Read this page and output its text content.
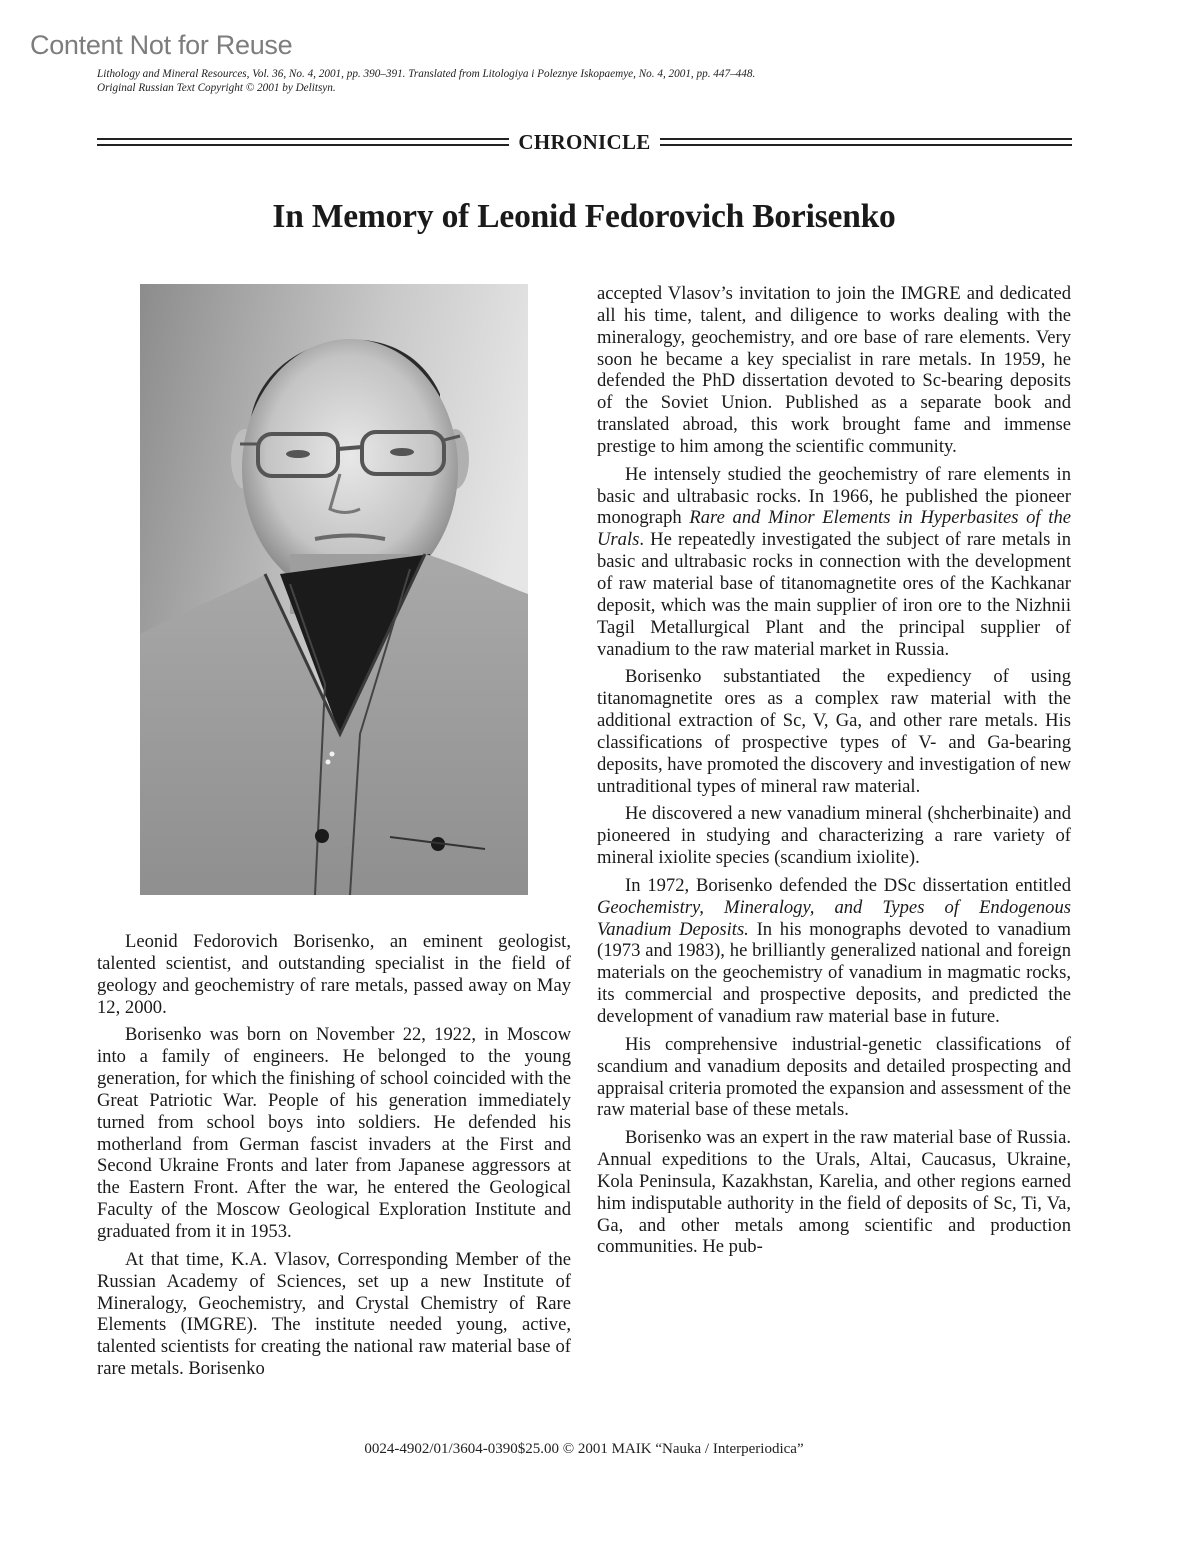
Content Not for Reuse
Lithology and Mineral Resources, Vol. 36, No. 4, 2001, pp. 390–391. Translated from Litologiya i Poleznye Iskopaemye, No. 4, 2001, pp. 447–448.
Original Russian Text Copyright © 2001 by Delitsyn.
CHRONICLE
In Memory of Leonid Fedorovich Borisenko

Leonid Fedorovich Borisenko, an eminent geologist, talented scientist, and outstanding specialist in the field of geology and geochemistry of rare metals, passed away on May 12, 2000.

Borisenko was born on November 22, 1922, in Moscow into a family of engineers. He belonged to the young generation, for which the finishing of school coincided with the Great Patriotic War. People of his generation immediately turned from school boys into soldiers. He defended his motherland from German fascist invaders at the First and Second Ukraine Fronts and later from Japanese aggressors at the Eastern Front. After the war, he entered the Geological Faculty of the Moscow Geological Exploration Institute and graduated from it in 1953.

At that time, K.A. Vlasov, Corresponding Member of the Russian Academy of Sciences, set up a new Institute of Mineralogy, Geochemistry, and Crystal Chemistry of Rare Elements (IMGRE). The institute needed young, active, talented scientists for creating the national raw material base of rare metals. Borisenko

accepted Vlasov’s invitation to join the IMGRE and dedicated all his time, talent, and diligence to works dealing with the mineralogy, geochemistry, and ore base of rare elements. Very soon he became a key specialist in rare metals. In 1959, he defended the PhD dissertation devoted to Sc-bearing deposits of the Soviet Union. Published as a separate book and translated abroad, this work brought fame and immense prestige to him among the scientific community.

He intensely studied the geochemistry of rare elements in basic and ultrabasic rocks. In 1966, he published the pioneer monograph Rare and Minor Elements in Hyperbasites of the Urals. He repeatedly investigated the subject of rare metals in basic and ultrabasic rocks in connection with the development of raw material base of titanomagnetite ores of the Kachkanar deposit, which was the main supplier of iron ore to the Nizhnii Tagil Metallurgical Plant and the principal supplier of vanadium to the raw material market in Russia.

Borisenko substantiated the expediency of using titanomagnetite ores as a complex raw material with the additional extraction of Sc, V, Ga, and other rare metals. His classifications of prospective types of V- and Ga-bearing deposits, have promoted the discovery and investigation of new untraditional types of mineral raw material.

He discovered a new vanadium mineral (shcherbinaite) and pioneered in studying and characterizing a rare variety of mineral ixiolite species (scandium ixiolite).

In 1972, Borisenko defended the DSc dissertation entitled Geochemistry, Mineralogy, and Types of Endogenous Vanadium Deposits. In his monographs devoted to vanadium (1973 and 1983), he brilliantly generalized national and foreign materials on the geochemistry of vanadium in magmatic rocks, its commercial and prospective deposits, and predicted the development of vanadium raw material base in future.

His comprehensive industrial-genetic classifications of scandium and vanadium deposits and detailed prospecting and appraisal criteria promoted the expansion and assessment of the raw material base of these metals.

Borisenko was an expert in the raw material base of Russia. Annual expeditions to the Urals, Altai, Caucasus, Ukraine, Kola Peninsula, Kazakhstan, Karelia, and other regions earned him indisputable authority in the field of deposits of Sc, Ti, Va, Ga, and other metals among scientific and production communities. He pub-

0024-4902/01/3604-0390$25.00 © 2001 MAIK “Nauka / Interperiodica”
